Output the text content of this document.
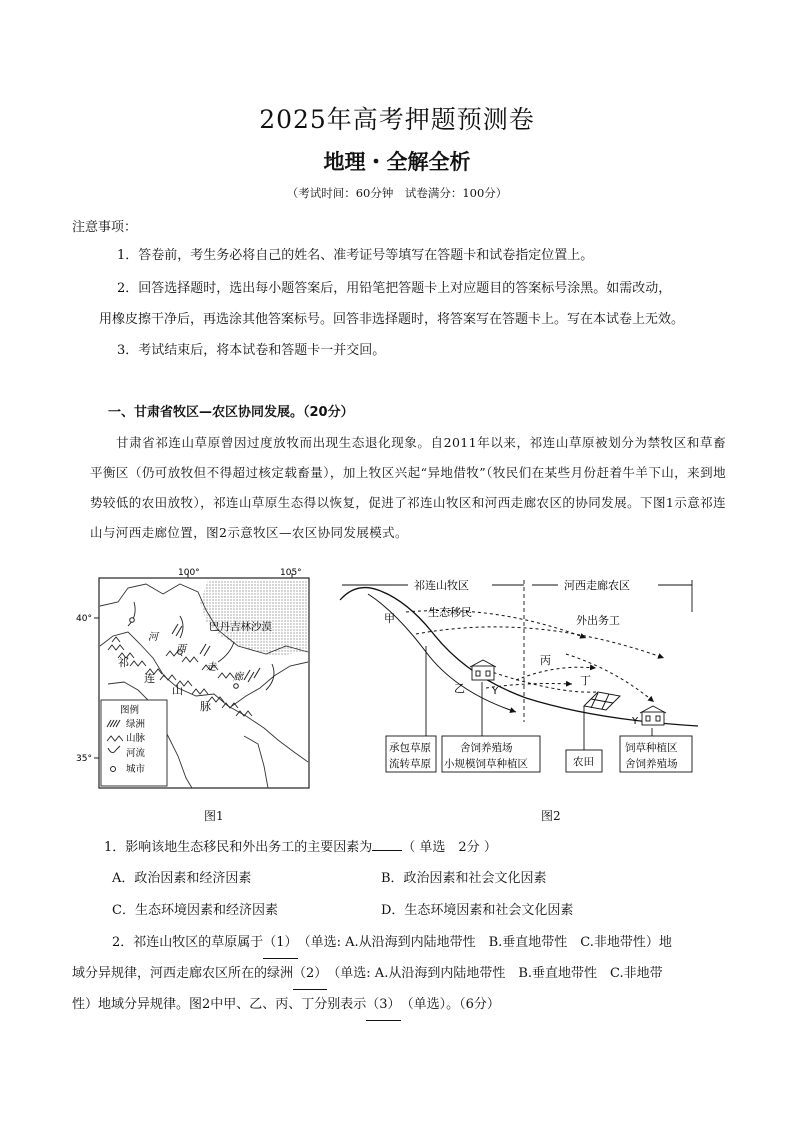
2025年高考押题预测卷
地理・全解全析
（考试时间：60分钟　试卷满分：100分）
注意事项：
1．答卷前，考生务必将自己的姓名、准考证号等填写在答题卡和试卷指定位置上。
2．回答选择题时，选出每小题答案后，用铅笔把答题卡上对应题目的答案标号涂黑。如需改动，
用橡皮擦干净后，再选涂其他答案标号。回答非选择题时，将答案写在答题卡上。写在本试卷上无效。
3．考试结束后，将本试卷和答题卡一并交回。
一、甘肃省牧区—农区协同发展。（20分）
甘肃省祁连山草原曾因过度放牧而出现生态退化现象。自2011年以来，祁连山草原被划分为禁牧区和草畜平衡区（仍可放牧但不得超过核定载畜量），加上牧区兴起“异地借牧”（牧民们在某些月份赶着牛羊下山，来到地势较低的农田放牧），祁连山草原生态得以恢复，促进了祁连山牧区和河西走廊农区的协同发展。下图1示意祁连山与河西走廊位置，图2示意牧区—农区协同发展模式。
100°	105°
40°
35°
巴丹吉林沙漠
河
西
走
廊
祁
连
山
脉
图例
绿洲
山脉
河流
城市
图1
祁连山牧区	河西走廊农区
生态移民
外出务工
甲
乙
丙
丁
Y
Y
承包草原
流转草原
舍饲养殖场
小规模饲草种植区	农田
饲草种植区
舍饲养殖场
图2
1．影响该地生态移民和外出务工的主要因素为 （ 单选　2分 ）
A．政治因素和经济因素	B．政治因素和社会文化因素
C．生态环境因素和经济因素	D．生态环境因素和社会文化因素
2．祁连山牧区的草原属于（1）（单选: A.从沿海到内陆地带性　B.垂直地带性　C.非地带性）地
域分异规律，河西走廊农区所在的绿洲（2）（单选: A.从沿海到内陆地带性　B.垂直地带性　C.非地带
性）地域分异规律。图2中甲、乙、丙、丁分别表示（3）（单选）。（6分）
